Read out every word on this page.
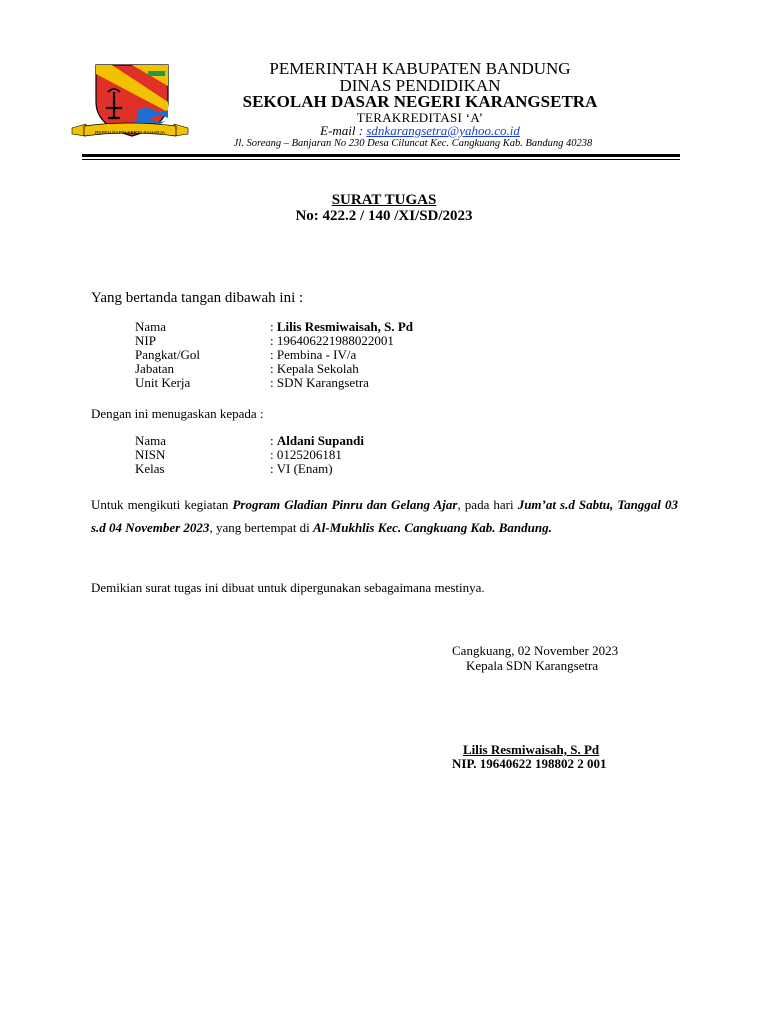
REPEH RAPIH KERTA RAHARJA
PEMERINTAH KABUPATEN BANDUNG
DINAS PENDIDIKAN
SEKOLAH DASAR NEGERI KARANGSETRA
TERAKREDITASI ‘A’
E-mail : sdnkarangsetra@yahoo.co.id
Jl. Soreang – Banjaran No 230 Desa Ciluncat Kec. Cangkuang Kab. Bandung 40238
SURAT TUGAS
No: 422.2 / 140 /XI/SD/2023
Yang bertanda tangan dibawah ini :
Nama	: Lilis Resmiwaisah, S. Pd
NIP	: 196406221988022001
Pangkat/Gol	: Pembina - IV/a
Jabatan	: Kepala Sekolah
Unit Kerja	: SDN Karangsetra
Dengan ini menugaskan kepada :
Nama	: Aldani Supandi
NISN	: 0125206181
Kelas	: VI (Enam)
Untuk mengikuti kegiatan Program Gladian Pinru dan Gelang Ajar, pada hari Jum’at s.d Sabtu, Tanggal 03 s.d 04 November 2023, yang bertempat di Al-Mukhlis Kec. Cangkuang Kab. Bandung.
Demikian surat tugas ini dibuat untuk dipergunakan sebagaimana mestinya.
Cangkuang, 02 November 2023
Kepala SDN Karangsetra
Lilis Resmiwaisah, S. Pd
NIP. 19640622 198802 2 001
